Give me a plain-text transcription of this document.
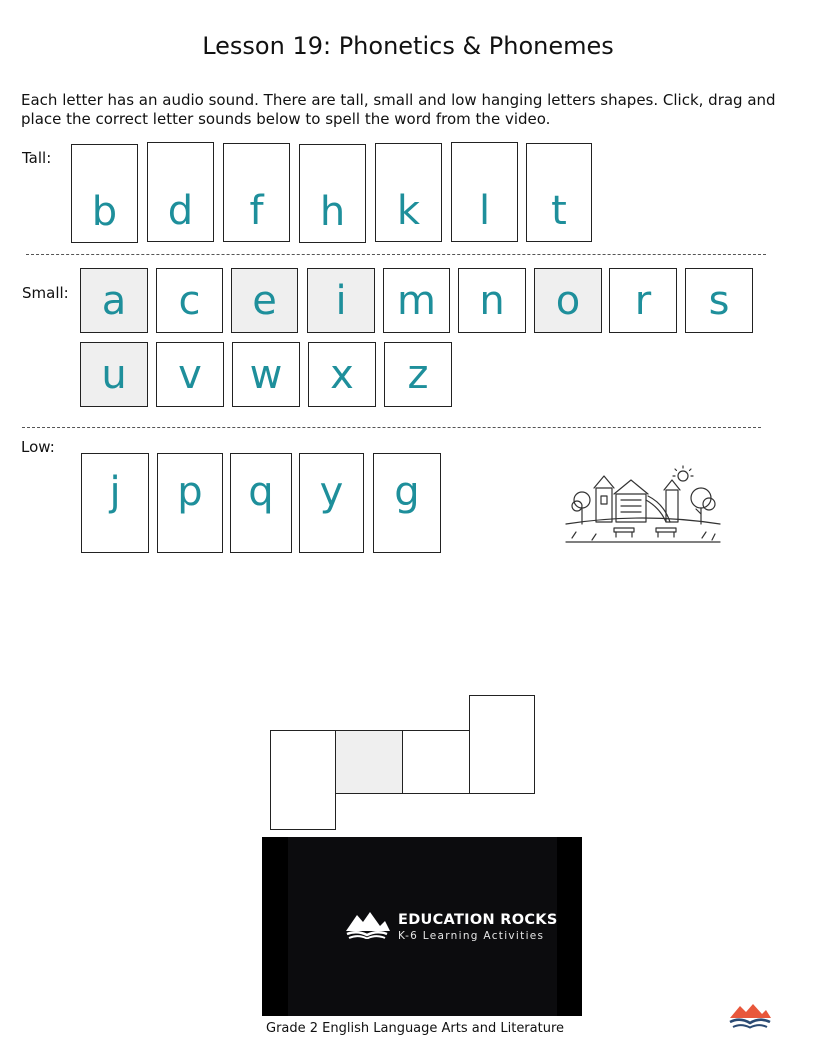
Lesson 19: Phonetics & Phonemes
Each letter has an audio sound. There are tall, small and low hanging letters shapes. Click, drag and place the correct letter sounds below to spell the word from the video.
Tall:
b	d	f	h	k	l	t
Small: a	c	e	i	m	n	o	r	s
u	v	w	x	z
Low:
j	p	q	y	g
EDUCATION ROCKS
K-6 Learning Activities
Grade 2 English Language Arts and Literature
